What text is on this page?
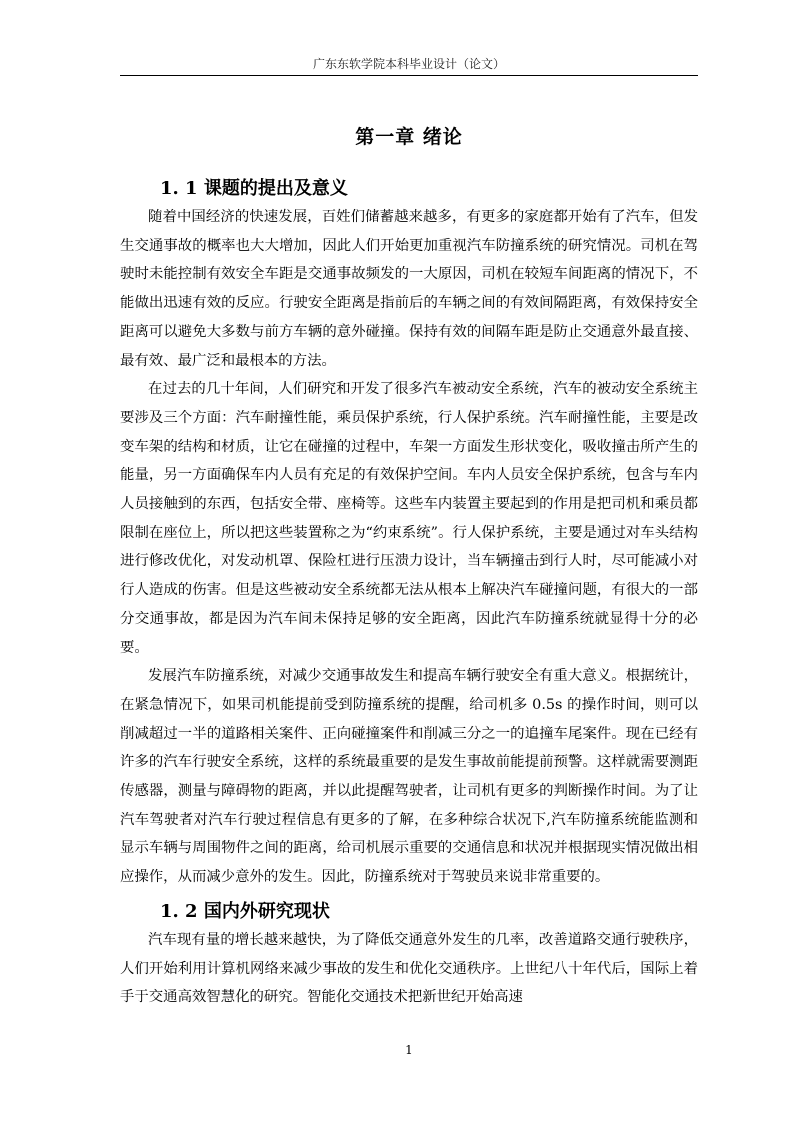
广东东软学院本科毕业设计（论文）
第一章 绪论
1. 1 课题的提出及意义

随着中国经济的快速发展，百姓们储蓄越来越多，有更多的家庭都开始有了汽车，但发生交通事故的概率也大大增加，因此人们开始更加重视汽车防撞系统的研究情况。司机在驾驶时未能控制有效安全车距是交通事故频发的一大原因，司机在较短车间距离的情况下，不能做出迅速有效的反应。行驶安全距离是指前后的车辆之间的有效间隔距离，有效保持安全距离可以避免大多数与前方车辆的意外碰撞。保持有效的间隔车距是防止交通意外最直接、最有效、最广泛和最根本的方法。

在过去的几十年间，人们研究和开发了很多汽车被动安全系统，汽车的被动安全系统主要涉及三个方面：汽车耐撞性能，乘员保护系统，行人保护系统。汽车耐撞性能，主要是改变车架的结构和材质，让它在碰撞的过程中，车架一方面发生形状变化，吸收撞击所产生的能量，另一方面确保车内人员有充足的有效保护空间。车内人员安全保护系统，包含与车内人员接触到的东西，包括安全带、座椅等。这些车内装置主要起到的作用是把司机和乘员都限制在座位上，所以把这些装置称之为“约束系统”。行人保护系统，主要是通过对车头结构进行修改优化，对发动机罩、保险杠进行压溃力设计，当车辆撞击到行人时，尽可能减小对行人造成的伤害。但是这些被动安全系统都无法从根本上解决汽车碰撞问题，有很大的一部分交通事故，都是因为汽车间未保持足够的安全距离，因此汽车防撞系统就显得十分的必要。

发展汽车防撞系统，对减少交通事故发生和提高车辆行驶安全有重大意义。根据统计，在紧急情况下，如果司机能提前受到防撞系统的提醒，给司机多 0.5s 的操作时间，则可以削减超过一半的道路相关案件、正向碰撞案件和削减三分之一的追撞车尾案件。现在已经有许多的汽车行驶安全系统，这样的系统最重要的是发生事故前能提前预警。这样就需要测距传感器，测量与障碍物的距离，并以此提醒驾驶者，让司机有更多的判断操作时间。为了让汽车驾驶者对汽车行驶过程信息有更多的了解，在多种综合状况下,汽车防撞系统能监测和显示车辆与周围物件之间的距离，给司机展示重要的交通信息和状况并根据现实情况做出相应操作，从而减少意外的发生。因此，防撞系统对于驾驶员来说非常重要的。

1. 2 国内外研究现状

汽车现有量的增长越来越快，为了降低交通意外发生的几率，改善道路交通行驶秩序，人们开始利用计算机网络来减少事故的发生和优化交通秩序。上世纪八十年代后，国际上着手于交通高效智慧化的研究。智能化交通技术把新世纪开始高速

1
